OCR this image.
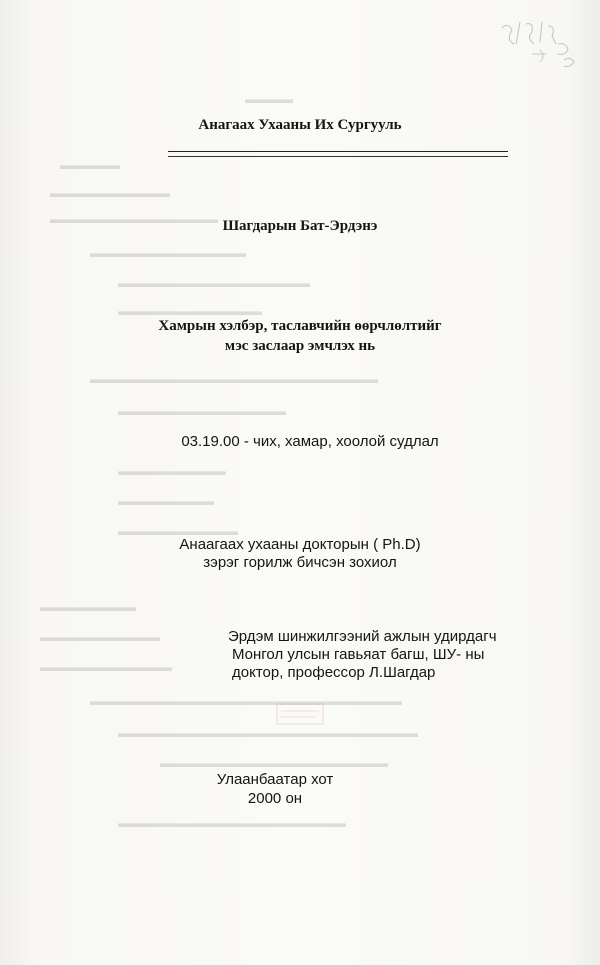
▬▬▬▬
▬▬▬▬▬
▬▬▬▬▬▬▬▬▬▬
▬▬▬▬▬▬▬▬▬▬▬▬▬▬
▬▬▬▬▬▬▬▬▬▬▬▬▬
▬▬▬▬▬▬▬▬▬▬▬▬▬▬▬▬
▬▬▬▬▬▬▬▬▬▬▬▬
▬▬▬▬▬▬▬▬▬▬▬▬▬▬▬▬▬▬▬▬▬▬▬▬
▬▬▬▬▬▬▬▬▬▬▬▬▬▬
▬▬▬▬▬▬▬▬▬
▬▬▬▬▬▬▬▬
▬▬▬▬▬▬▬▬▬▬
▬▬▬▬▬▬▬▬
▬▬▬▬▬▬▬▬▬▬
▬▬▬▬▬▬▬▬▬▬▬
▬▬▬▬▬▬▬▬▬▬▬▬▬▬▬▬▬▬▬▬▬▬▬▬▬▬
▬▬▬▬▬▬▬▬▬▬▬▬▬▬▬▬▬▬▬▬▬▬▬▬▬
▬▬▬▬▬▬▬▬▬▬▬▬▬▬▬▬▬▬▬
▬▬▬▬▬▬▬▬▬▬▬▬▬▬▬▬▬▬▬
Анагаах Ухааны Их Сургууль
Шагдарын Бат-Эрдэнэ
Хамрын хэлбэр, таславчийн өөрчлөлтийг
мэс заслаар эмчлэх нь
03.19.00 - чих, хамар, хоолой судлал
Анаагаах ухааны докторын ( Ph.D)
зэрэг горилж бичсэн зохиол
Эрдэм шинжилгээний ажлын удирдагч
Монгол улсын гавьяат багш, ШУ- ны
доктор, профессор Л.Шагдар
Улаанбаатар хот
2000 он
